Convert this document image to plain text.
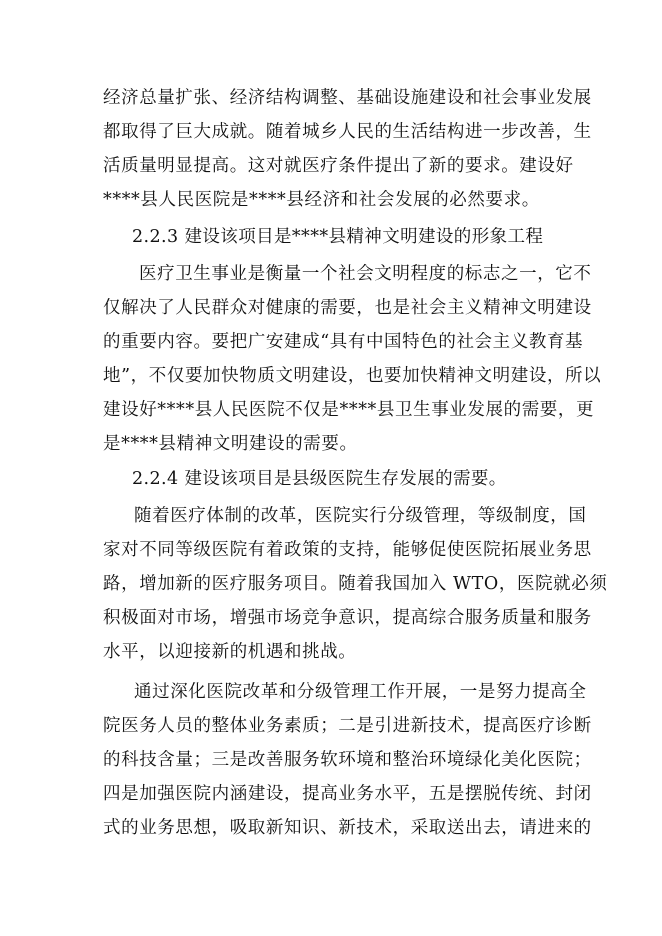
经济总量扩张、经济结构调整、基础设施建设和社会事业发展
都取得了巨大成就。随着城乡人民的生活结构进一步改善，生
活质量明显提高。这对就医疗条件提出了新的要求。建设好
****县人民医院是****县经济和社会发展的必然要求。
2.2.3 建设该项目是****县精神文明建设的形象工程
医疗卫生事业是衡量一个社会文明程度的标志之一，它不
仅解决了人民群众对健康的需要，也是社会主义精神文明建设
的重要内容。要把广安建成“具有中国特色的社会主义教育基
地”，不仅要加快物质文明建设，也要加快精神文明建设，所以
建设好****县人民医院不仅是****县卫生事业发展的需要，更
是****县精神文明建设的需要。
2.2.4 建设该项目是县级医院生存发展的需要。
随着医疗体制的改革，医院实行分级管理，等级制度，国
家对不同等级医院有着政策的支持，能够促使医院拓展业务思
路，增加新的医疗服务项目。随着我国加入 WTO，医院就必须
积极面对市场，增强市场竞争意识，提高综合服务质量和服务
水平，以迎接新的机遇和挑战。
通过深化医院改革和分级管理工作开展，一是努力提高全
院医务人员的整体业务素质；二是引进新技术，提高医疗诊断
的科技含量；三是改善服务软环境和整治环境绿化美化医院；
四是加强医院内涵建设，提高业务水平，五是摆脱传统、封闭
式的业务思想，吸取新知识、新技术，采取送出去，请进来的
